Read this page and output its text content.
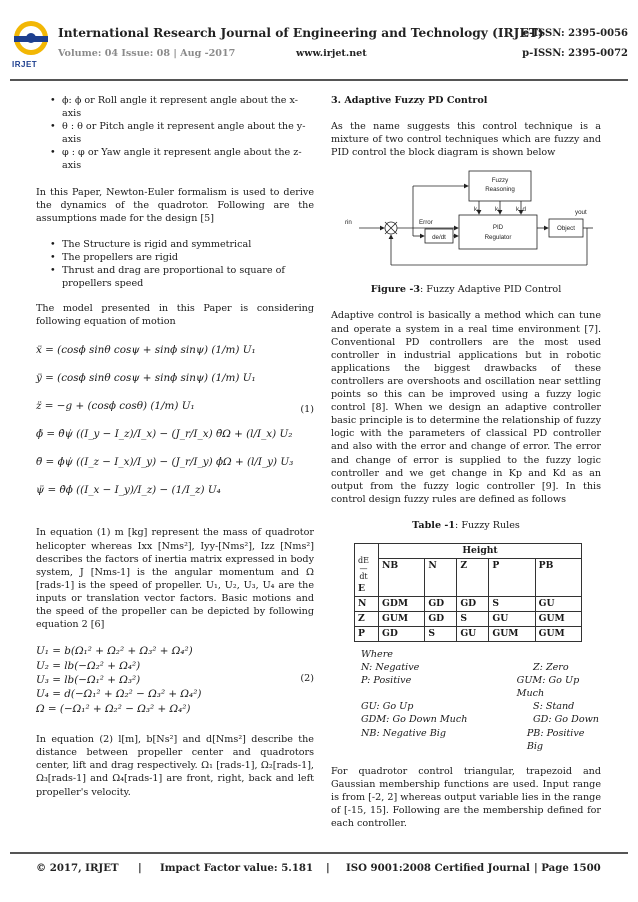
IRJET
International Research Journal of Engineering and Technology (IRJET)
e-ISSN: 2395-0056
Volume: 04 Issue: 08 | Aug -2017	www.irjet.net	p-ISSN: 2395-0072
• ϕ: ϕ or Roll angle it represent angle about the x-axis
• θ : θ or Pitch angle it represent angle about the y-axis
• φ : φ or Yaw angle it represent angle about the z-axis

In this Paper, Newton-Euler formalism is used to derive the dynamics of the quadrotor. Following are the assumptions made for the design [5]

• The Structure is rigid and symmetrical
• The propellers are rigid
• Thrust and drag are proportional to square of propellers speed

The model presented in this Paper is considering following equation of motion

ẍ = (cosϕ sinθ cosψ + sinϕ sinψ) (1/m) U₁
ÿ = (cosϕ sinθ cosψ + sinϕ sinψ) (1/m) U₁
z̈ = −g + (cosϕ cosθ) (1/m) U₁
ϕ̈ = θ̇ψ̇ ((I_y − I_z)/I_x) − (J_r/I_x) θ̇Ω + (l/I_x) U₂
θ̈ = ϕ̇ψ̇ ((I_z − I_x)/I_y) − (J_r/I_y) ϕ̇Ω + (l/I_y) U₃
ψ̈ = θ̇ϕ̇ ((I_x − I_y)/I_z) − (1/I_z) U₄
(1)

In equation (1) m [kg] represent the mass of quadrotor helicopter whereas Ixx [Nms²], Iyy-[Nms²], Izz [Nms²] describes the factors of inertia matrix expressed in body system, J [Nms-1] is the angular momentum and Ω [rads-1] is the speed of propeller. U₁, U₂, U₃, U₄ are the inputs or translation vector factors. Basic motions and the speed of the propeller can be depicted by following equation 2 [6]

U₁ = b(Ω₁² + Ω₂² + Ω₃² + Ω₄²)
U₂ = lb(−Ω₂² + Ω₄²)
U₃ = lb(−Ω₁² + Ω₃²)
U₄ = d(−Ω₁² + Ω₂² − Ω₃² + Ω₄²)
Ω = (−Ω₁² + Ω₂² − Ω₃² + Ω₄²)
(2)

In equation (2) l[m], b[Ns²] and d[Nms²] describe the distance between propeller center and quadrotors center, lift and drag respectively. Ω₁ [rads-1], Ω₂[rads-1], Ω₃[rads-1] and Ω₄[rads-1] are front, right, back and left propeller's velocity.

3. Adaptive Fuzzy PD Control

As the name suggests this control technique is a mixture of two control techniques which are fuzzy and PID control the block diagram is shown below

Fuzzy
Reasoning
kₚ kᵢ	k_d
rin	Error
de/dt
PID
Regulator
Object
yout

Figure -3: Fuzzy Adaptive PID Control

Adaptive control is basically a method which can tune and operate a system in a real time environment [7]. Conventional PD controllers are the most used controller in industrial applications but in robotic applications the biggest drawbacks of these controllers are overshoots and oscillation near settling points so this can be improved using a fuzzy logic control [8]. When we design an adaptive controller basic principle is to determine the relationship of fuzzy logic with the parameters of classical PD controller and also with the error and change of error. The error and change of error is supplied to the fuzzy logic controller and we get change in Kp and Kd as an output from the fuzzy logic controller [9]. In this control design fuzzy rules are defined as follows

Table -1: Fuzzy Rules

dE
—
dt
E	Height				
	NB	N	Z	P	PB
N	GDM	GD	GD	S	GU
Z	GUM	GD	S	GU	GUM
P	GD	S	GU	GUM	GUM
Where
N: Negative	Z: Zero
P: Positive	GUM: Go Up Much
GU: Go Up	S: Stand
GDM: Go Down Much	GD: Go Down
NB: Negative Big	PB: Positive Big

For quadrotor control triangular, trapezoid and Gaussian membership functions are used. Input range is from [-2, 2] whereas output variable lies in the range of [-15, 15]. Following are the membership defined for each controller.

© 2017, IRJET | Impact Factor value: 5.181 | ISO 9001:2008 Certified Journal | Page 1500
